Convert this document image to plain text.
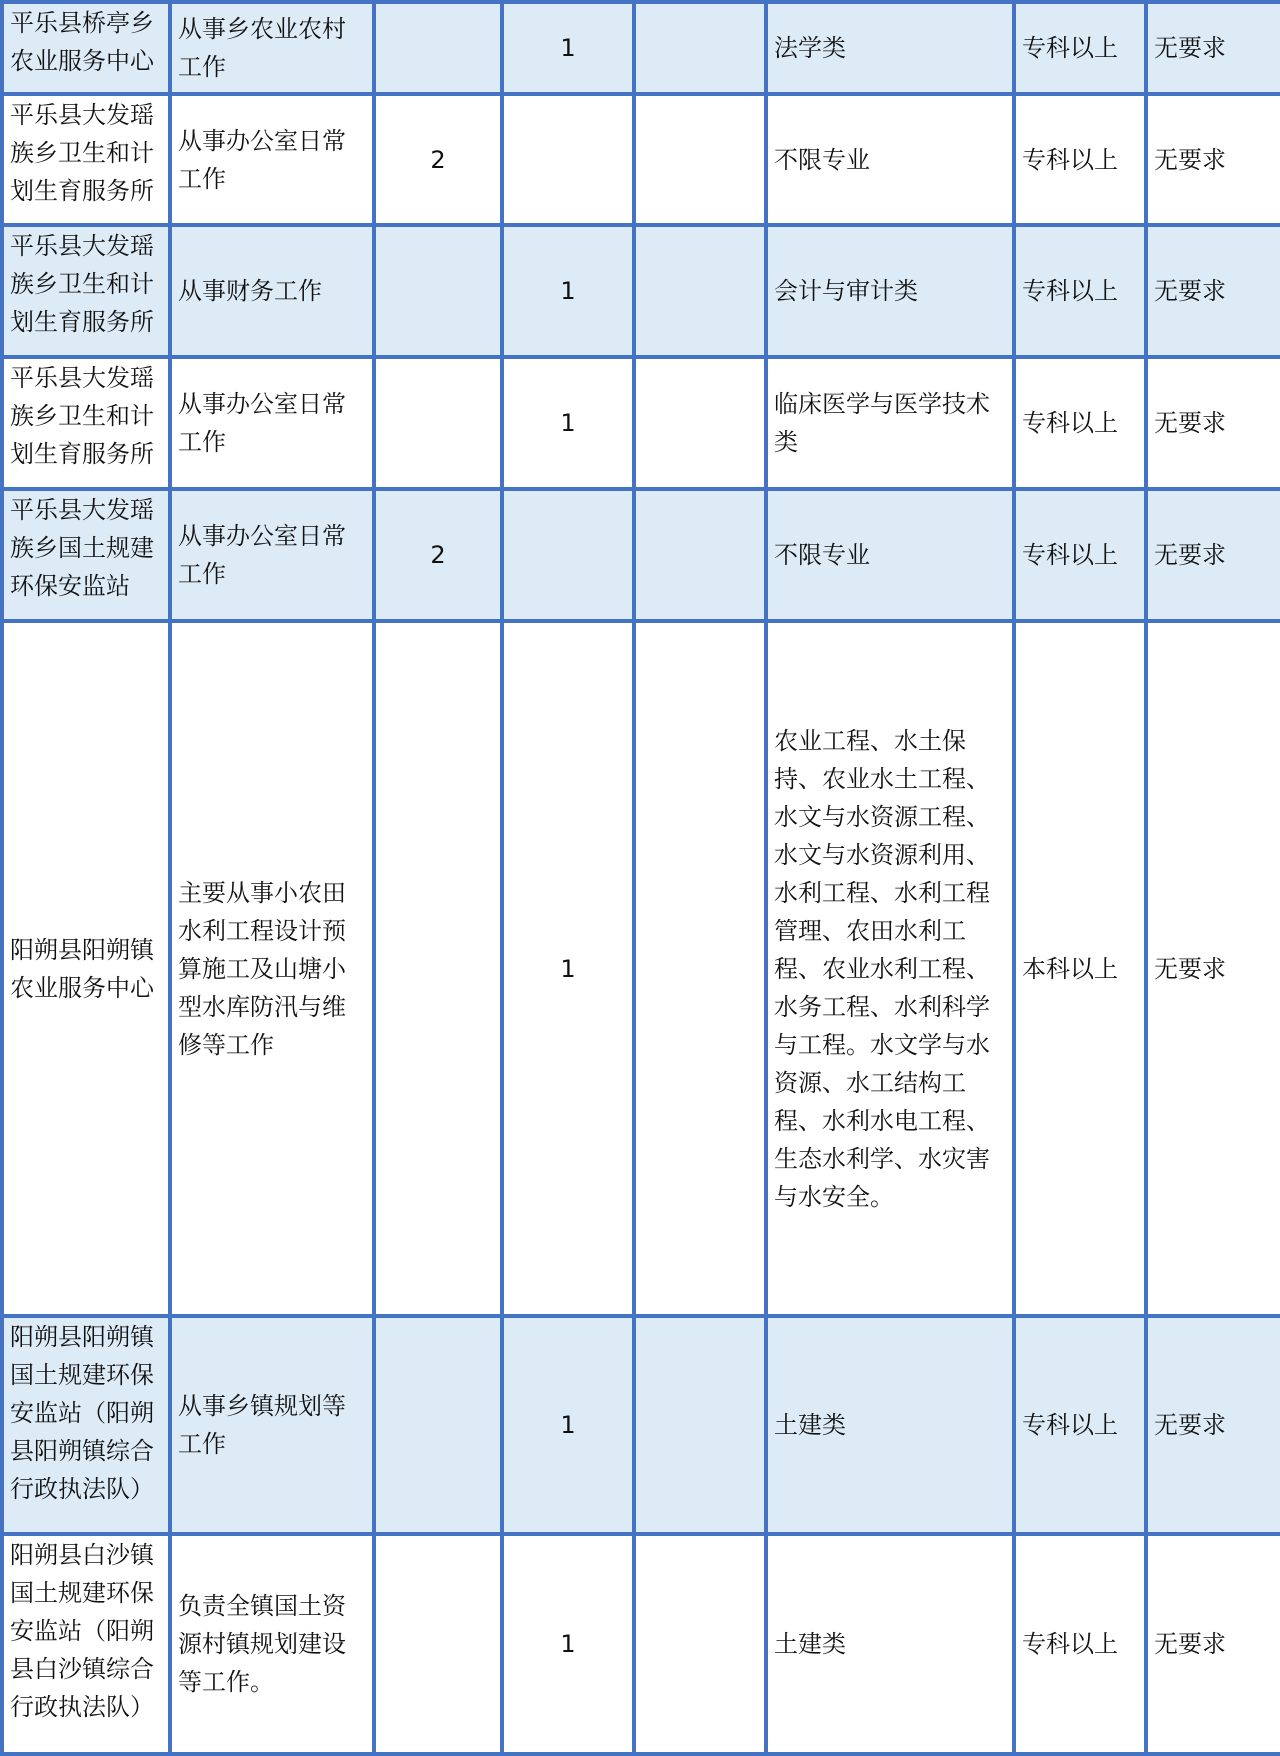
平乐县桥亭乡农业服务中心	从事乡农业农村工作		1		法学类	专科以上	无要求

平乐县大发瑶族乡卫生和计划生育服务所	从事办公室日常工作	2			不限专业	专科以上	无要求

平乐县大发瑶族乡卫生和计划生育服务所	从事财务工作		1		会计与审计类	专科以上	无要求

平乐县大发瑶族乡卫生和计划生育服务所	从事办公室日常工作		1		临床医学与医学技术类	专科以上	无要求

平乐县大发瑶族乡国土规建环保安监站	从事办公室日常工作	2			不限专业	专科以上	无要求

阳朔县阳朔镇农业服务中心	主要从事小农田水利工程设计预算施工及山塘小型水库防汛与维修等工作		1		农业工程、水土保持、农业水土工程、水文与水资源工程、水文与水资源利用、水利工程、水利工程管理、农田水利工程、农业水利工程、水务工程、水利科学与工程。水文学与水资源、水工结构工程、水利水电工程、生态水利学、水灾害与水安全。	本科以上	无要求

阳朔县阳朔镇国土规建环保安监站（阳朔县阳朔镇综合行政执法队）	从事乡镇规划等工作		1		土建类	专科以上	无要求

阳朔县白沙镇国土规建环保安监站（阳朔县白沙镇综合行政执法队）	负责全镇国土资源村镇规划建设等工作。		1		土建类	专科以上	无要求
